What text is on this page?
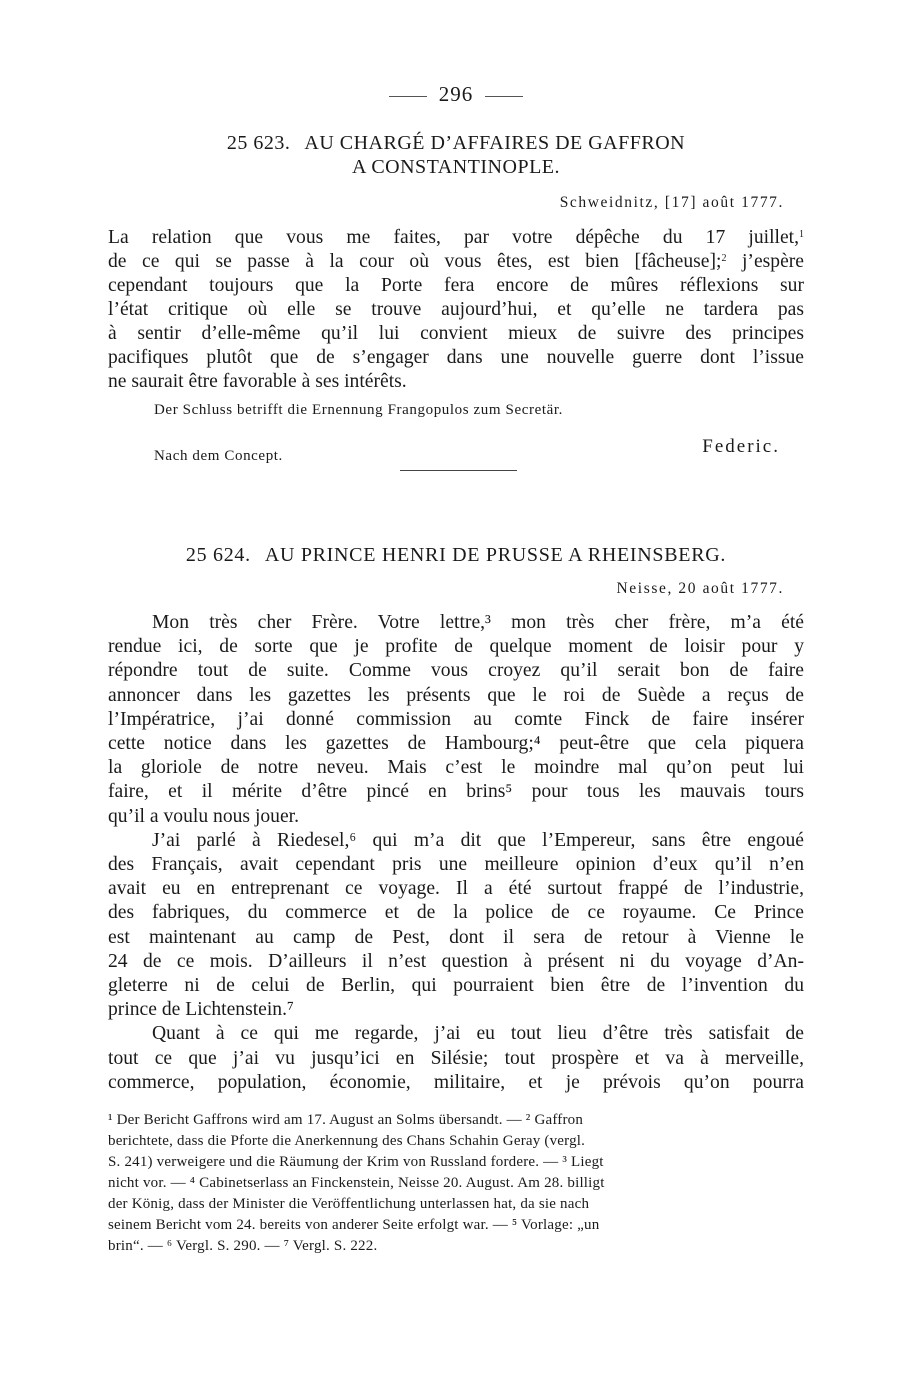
296
25 623. AU CHARGÉ D’AFFAIRES DE GAFFRON
A CONSTANTINOPLE.
Schweidnitz, [17] août 1777.
La relation que vous me faites, par votre dépêche du 17 juillet,$^1$
de ce qui se passe à la cour où vous êtes, est bien [fâcheuse];$^2$ j’espère
cependant toujours que la Porte fera encore de mûres réflexions sur
l’état critique où elle se trouve aujourd’hui, et qu’elle ne tardera pas
à sentir d’elle-même qu’il lui convient mieux de suivre des principes
pacifiques plutôt que de s’engager dans une nouvelle guerre dont l’issue
ne saurait être favorable à ses intérêts.
Der Schluss betrifft die Ernennung Frangopulos zum Secretär.
Nach dem Concept.	Federic.
25 624. AU PRINCE HENRI DE PRUSSE A RHEINSBERG.
Neisse, 20 août 1777.
Mon très cher Frère. Votre lettre,³ mon très cher frère, m’a été
rendue ici, de sorte que je profite de quelque moment de loisir pour y
répondre tout de suite. Comme vous croyez qu’il serait bon de faire
annoncer dans les gazettes les présents que le roi de Suède a reçus de
l’Impératrice, j’ai donné commission au comte Finck de faire insérer
cette notice dans les gazettes de Hambourg;⁴ peut-être que cela piquera
la gloriole de notre neveu. Mais c’est le moindre mal qu’on peut lui
faire, et il mérite d’être pincé en brins⁵ pour tous les mauvais tours
qu’il a voulu nous jouer.
J’ai parlé à Riedesel,⁶ qui m’a dit que l’Empereur, sans être engoué
des Français, avait cependant pris une meilleure opinion d’eux qu’il n’en
avait eu en entreprenant ce voyage. Il a été surtout frappé de l’industrie,
des fabriques, du commerce et de la police de ce royaume. Ce Prince
est maintenant au camp de Pest, dont il sera de retour à Vienne le
24 de ce mois. D’ailleurs il n’est question à présent ni du voyage d’An-
gleterre ni de celui de Berlin, qui pourraient bien être de l’invention du
prince de Lichtenstein.⁷
Quant à ce qui me regarde, j’ai eu tout lieu d’être très satisfait de
tout ce que j’ai vu jusqu’ici en Silésie; tout prospère et va à merveille,
commerce, population, économie, militaire, et je prévois qu’on pourra

¹ Der Bericht Gaffrons wird am 17. August an Solms übersandt. — ² Gaffron

berichtete, dass die Pforte die Anerkennung des Chans Schahin Geray (vergl.

S. 241) verweigere und die Räumung der Krim von Russland fordere. — ³ Liegt

nicht vor. — ⁴ Cabinetserlass an Finckenstein, Neisse 20. August. Am 28. billigt

der König, dass der Minister die Veröffentlichung unterlassen hat, da sie nach

seinem Bericht vom 24. bereits von anderer Seite erfolgt war. — ⁵ Vorlage: „un

brin“. — ⁶ Vergl. S. 290. — ⁷ Vergl. S. 222.
